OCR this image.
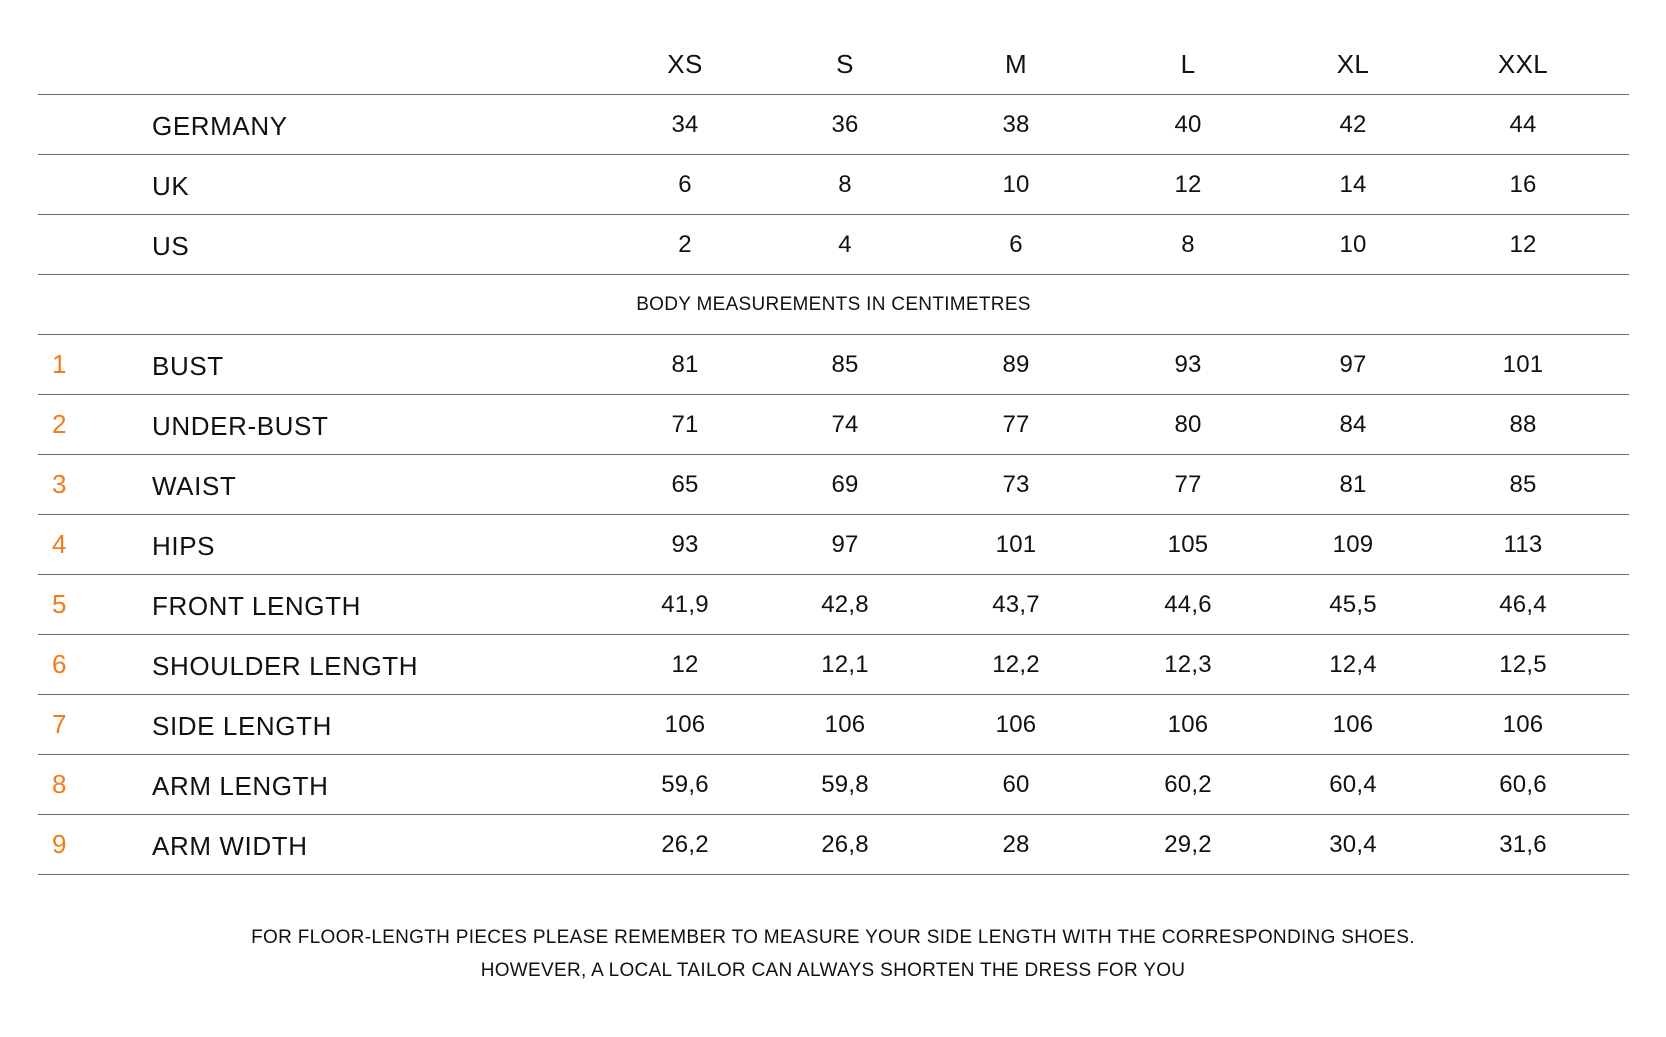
XS	S	M	L	XL	XXL
GERMANY	34	36	38	40	42	44
UK	6	8	10	12	14	16
US	2	4	6	8	10	12
BODY MEASUREMENTS IN CENTIMETRES
1	BUST	81	85	89	93	97	101
2	UNDER-BUST	71	74	77	80	84	88
3	WAIST	65	69	73	77	81	85
4	HIPS	93	97	101	105	109	113
5	FRONT LENGTH	41,9	42,8	43,7	44,6	45,5	46,4
6	SHOULDER LENGTH	12	12,1	12,2	12,3	12,4	12,5
7	SIDE LENGTH	106	106	106	106	106	106
8	ARM LENGTH	59,6	59,8	60	60,2	60,4	60,6
9	ARM WIDTH	26,2	26,8	28	29,2	30,4	31,6
FOR FLOOR-LENGTH PIECES PLEASE REMEMBER TO MEASURE YOUR SIDE LENGTH WITH THE CORRESPONDING SHOES.
HOWEVER, A LOCAL TAILOR CAN ALWAYS SHORTEN THE DRESS FOR YOU
